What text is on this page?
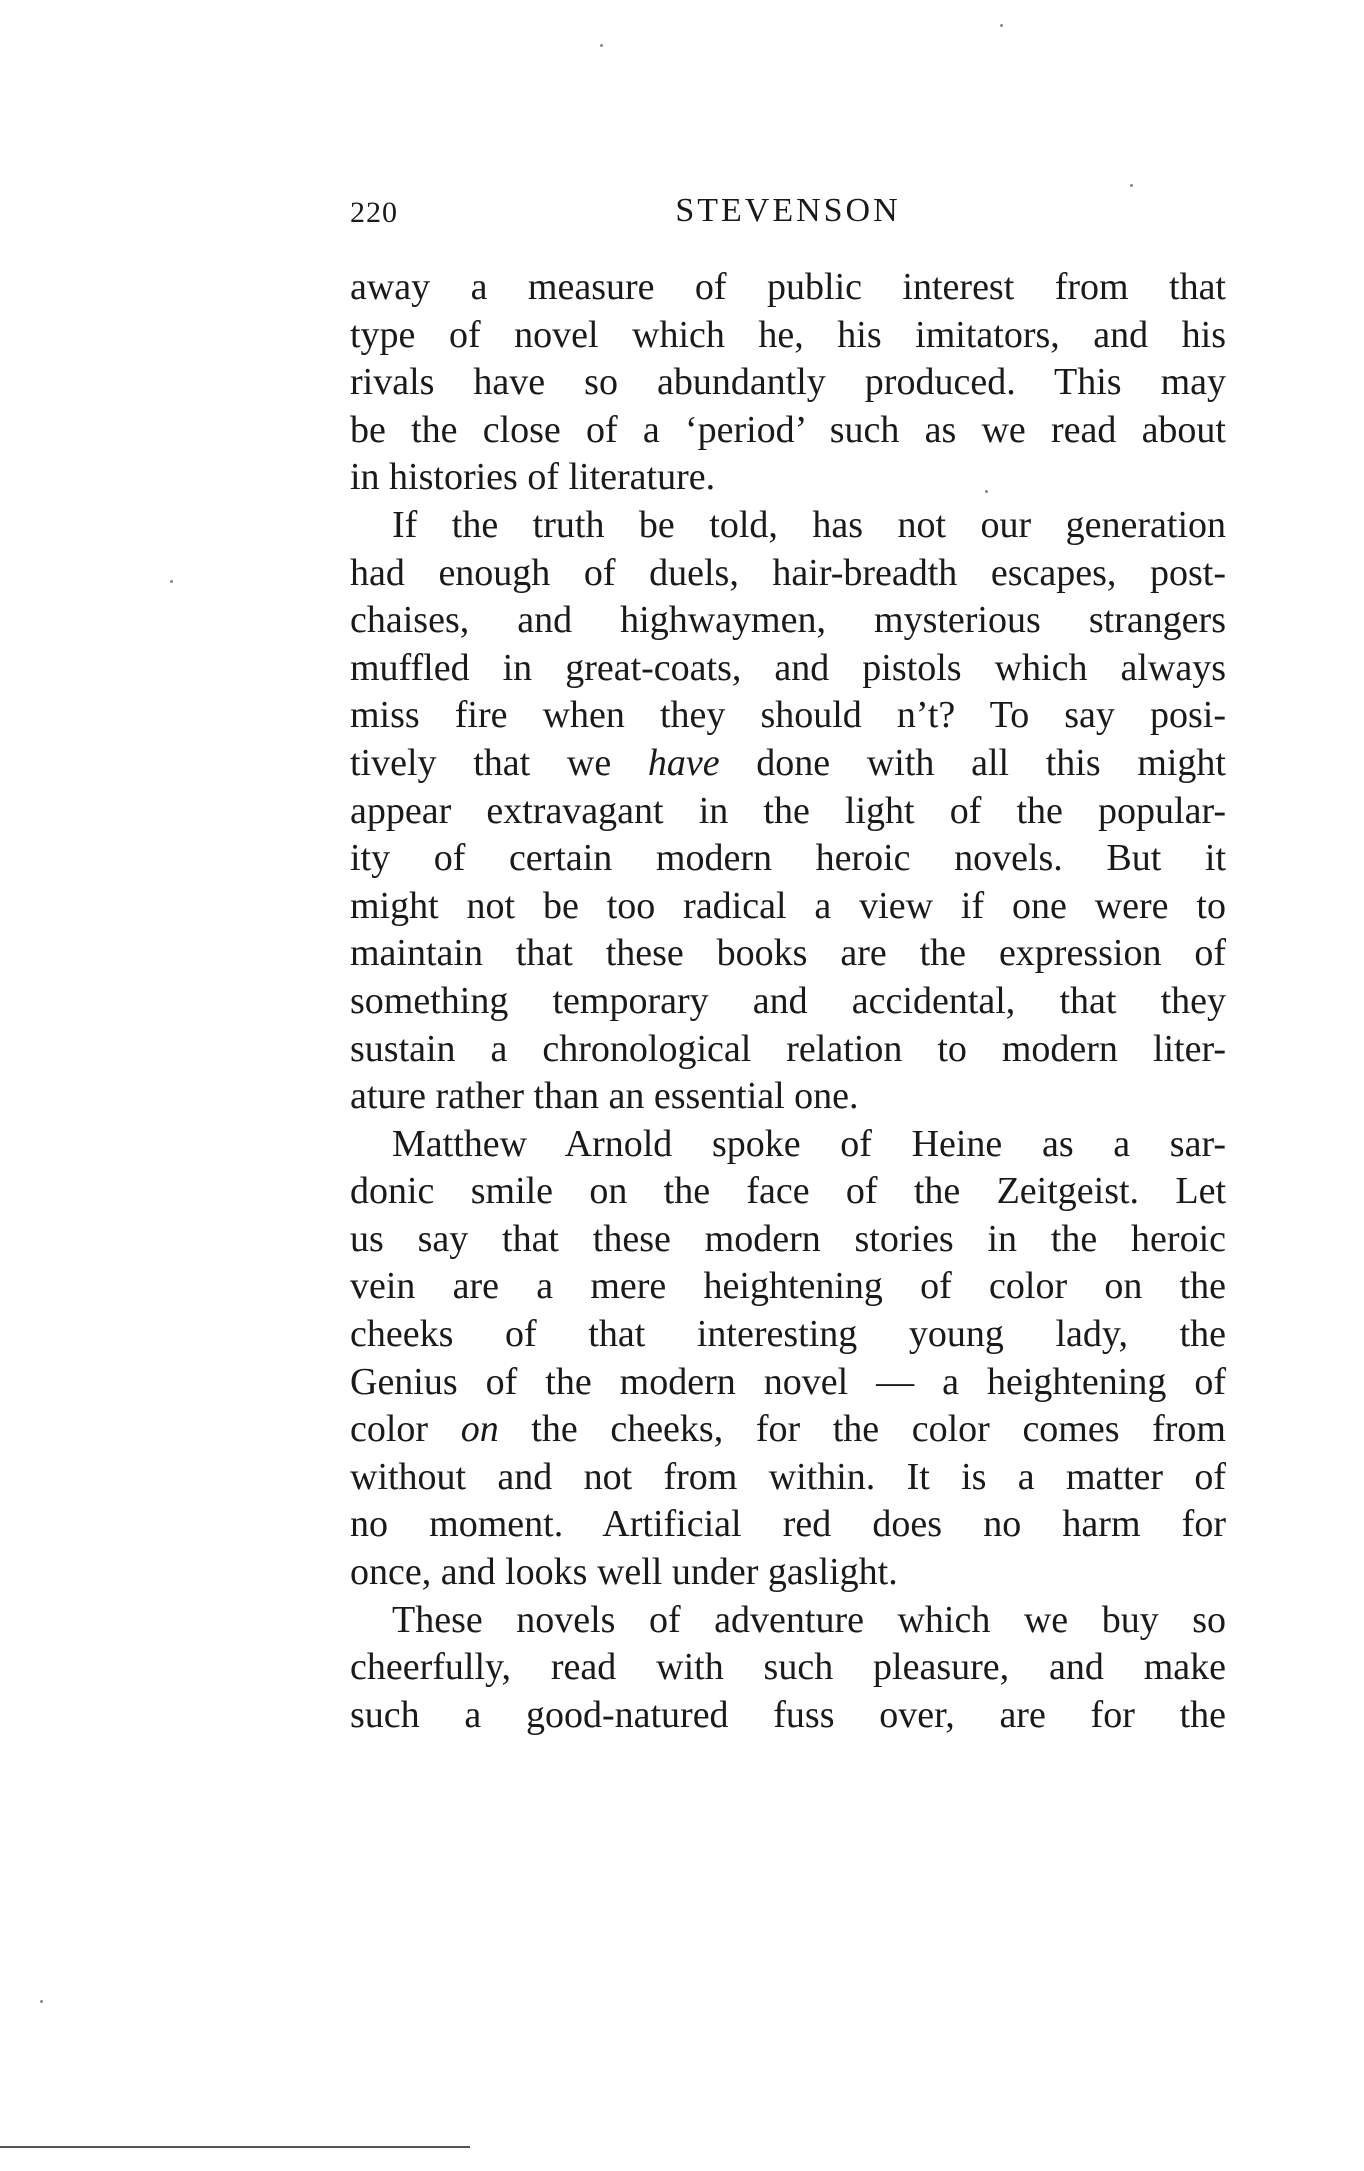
220	STEVENSON
away a measure of public interest from that
type of novel which he, his imitators, and his
rivals have so abundantly produced. This may
be the close of a ‘period’ such as we read about
in histories of literature.
If the truth be told, has not our generation
had enough of duels, hair-breadth escapes, post-
chaises, and highwaymen, mysterious strangers
muffled in great-coats, and pistols which always
miss fire when they should n’t? To say posi-
tively that we have done with all this might
appear extravagant in the light of the popular-
ity of certain modern heroic novels. But it
might not be too radical a view if one were to
maintain that these books are the expression of
something temporary and accidental, that they
sustain a chronological relation to modern liter-
ature rather than an essential one.
Matthew Arnold spoke of Heine as a sar-
donic smile on the face of the Zeitgeist. Let
us say that these modern stories in the heroic
vein are a mere heightening of color on the
cheeks of that interesting young lady, the
Genius of the modern novel — a heightening of
color on the cheeks, for the color comes from
without and not from within. It is a matter of
no moment. Artificial red does no harm for
once, and looks well under gaslight.
These novels of adventure which we buy so
cheerfully, read with such pleasure, and make
such a good-natured fuss over, are for the
